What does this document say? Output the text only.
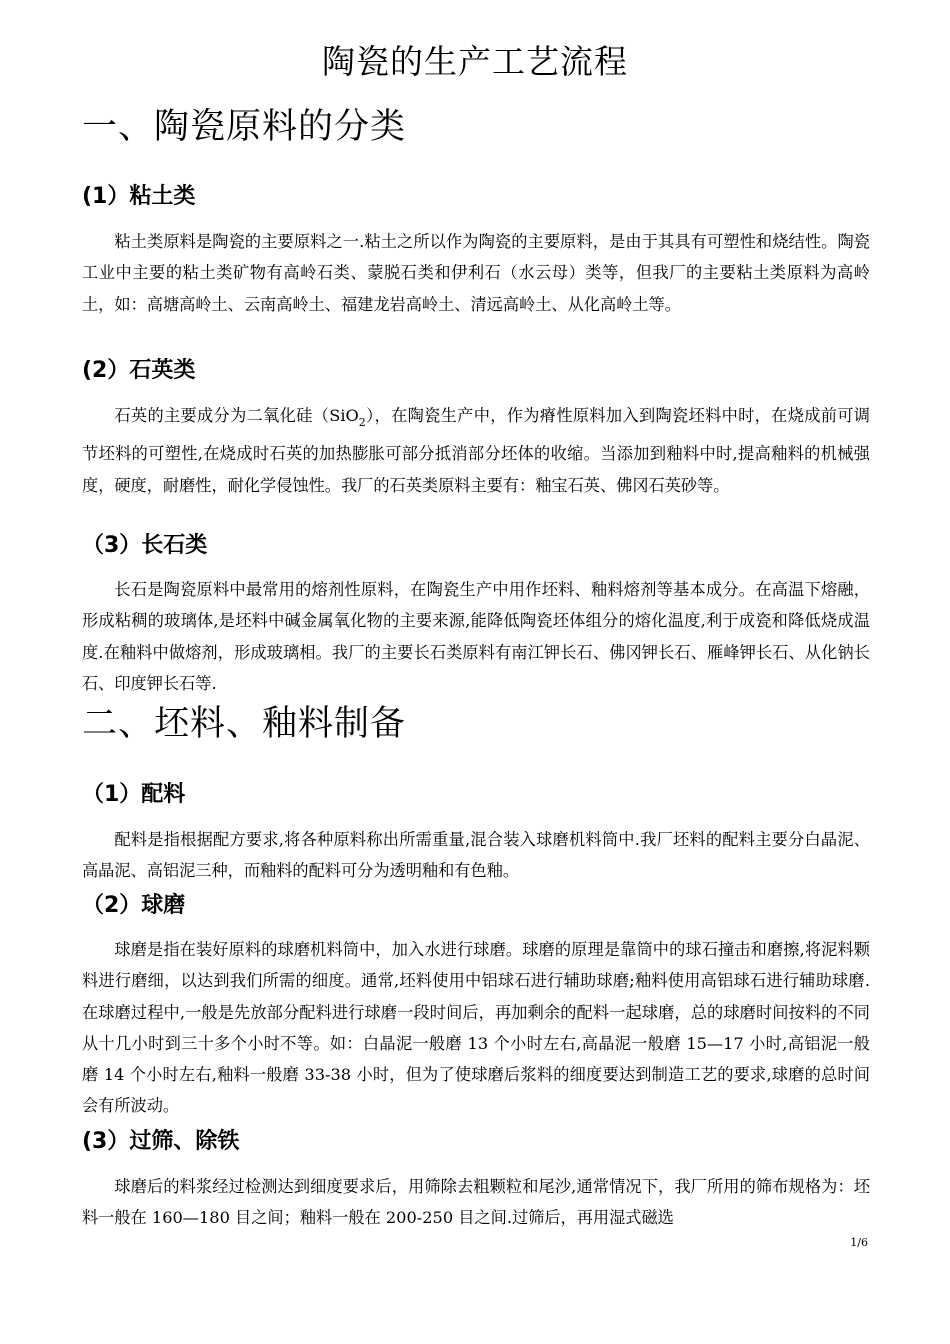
陶瓷的生产工艺流程
一、陶瓷原料的分类
(1）粘土类

粘土类原料是陶瓷的主要原料之一.粘土之所以作为陶瓷的主要原料，是由于其具有可塑性和烧结性。陶瓷工业中主要的粘土类矿物有高岭石类、蒙脱石类和伊利石（水云母）类等，但我厂的主要粘土类原料为高岭土，如：高塘高岭土、云南高岭土、福建龙岩高岭土、清远高岭土、从化高岭土等。

(2）石英类

石英的主要成分为二氧化硅（SiO$_2$），在陶瓷生产中，作为瘠性原料加入到陶瓷坯料中时，在烧成前可调节坯料的可塑性,在烧成时石英的加热膨胀可部分抵消部分坯体的收缩。当添加到釉料中时,提高釉料的机械强度，硬度，耐磨性，耐化学侵蚀性。我厂的石英类原料主要有：釉宝石英、佛冈石英砂等。

（3）长石类

长石是陶瓷原料中最常用的熔剂性原料，在陶瓷生产中用作坯料、釉料熔剂等基本成分。在高温下熔融，形成粘稠的玻璃体,是坯料中碱金属氧化物的主要来源,能降低陶瓷坯体组分的熔化温度,利于成瓷和降低烧成温度.在釉料中做熔剂，形成玻璃相。我厂的主要长石类原料有南江钾长石、佛冈钾长石、雁峰钾长石、从化钠长石、印度钾长石等.

二、坯料、釉料制备
（1）配料

配料是指根据配方要求,将各种原料称出所需重量,混合装入球磨机料筒中.我厂坯料的配料主要分白晶泥、高晶泥、高铝泥三种，而釉料的配料可分为透明釉和有色釉。

（2）球磨

球磨是指在装好原料的球磨机料筒中，加入水进行球磨。球磨的原理是靠筒中的球石撞击和磨擦,将泥料颗料进行磨细，以达到我们所需的细度。通常,坯料使用中铝球石进行辅助球磨;釉料使用高铝球石进行辅助球磨.在球磨过程中,一般是先放部分配料进行球磨一段时间后，再加剩余的配料一起球磨，总的球磨时间按料的不同从十几小时到三十多个小时不等。如：白晶泥一般磨 13 个小时左右,高晶泥一般磨 15—17 小时,高铝泥一般磨 14 个小时左右,釉料一般磨 33-38 小时，但为了使球磨后浆料的细度要达到制造工艺的要求,球磨的总时间会有所波动。

(3）过筛、除铁

球磨后的料浆经过检测达到细度要求后，用筛除去粗颗粒和尾沙,通常情况下，我厂所用的筛布规格为：坯料一般在 160—180 目之间；釉料一般在 200-250 目之间.过筛后，再用湿式磁选

1/6
